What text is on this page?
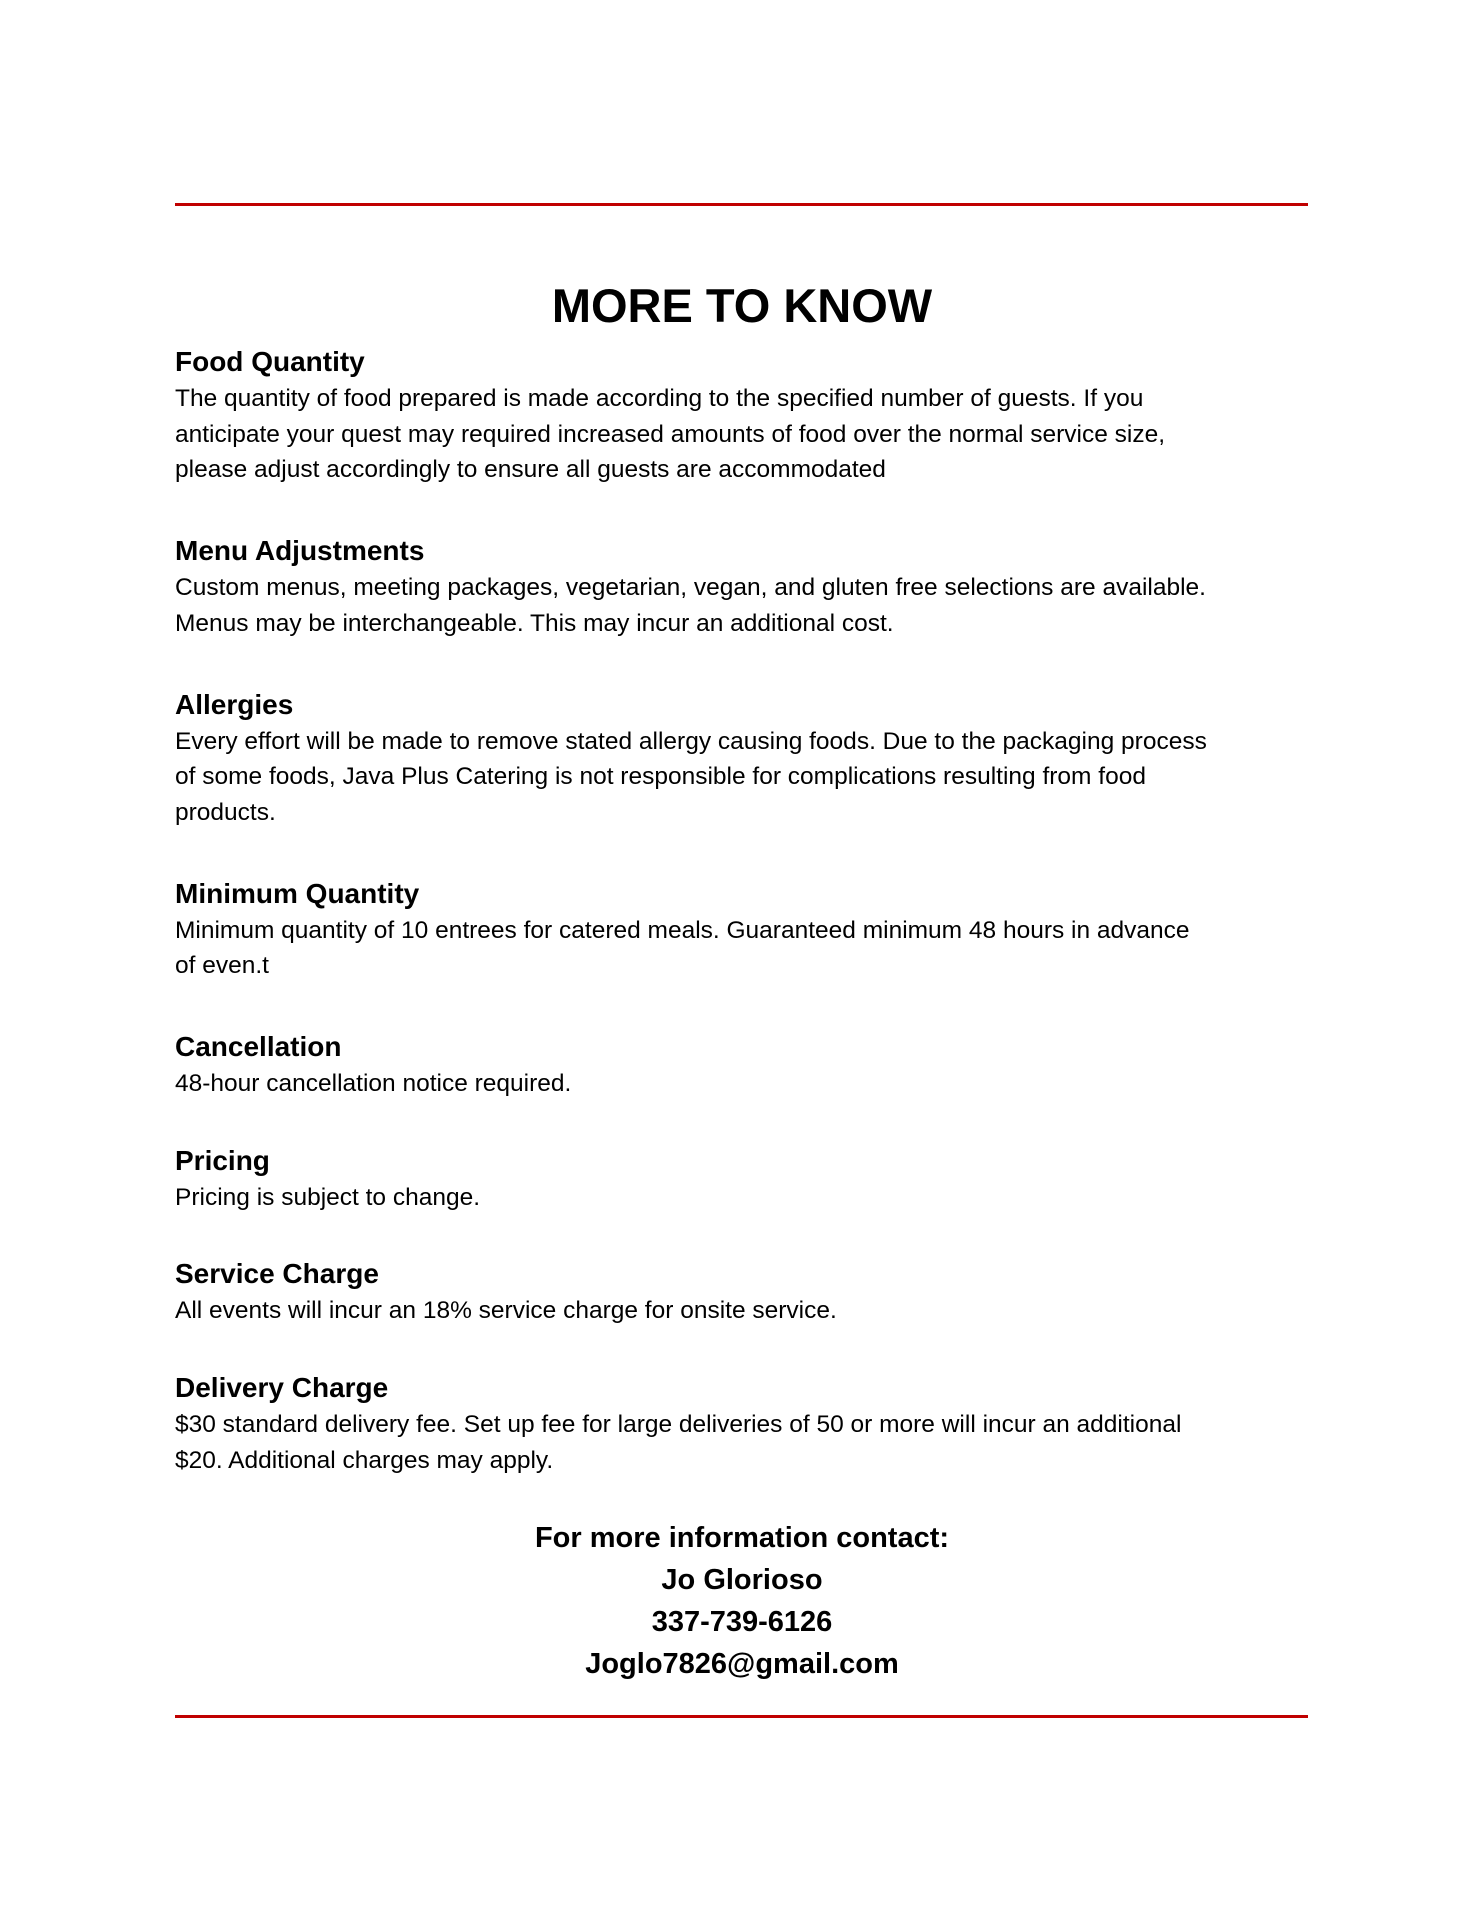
MORE TO KNOW

Food Quantity

The quantity of food prepared is made according to the specified number of guests. If you
anticipate your quest may required increased amounts of food over the normal service size,
please adjust accordingly to ensure all guests are accommodated

Menu Adjustments

Custom menus, meeting packages, vegetarian, vegan, and gluten free selections are available.
Menus may be interchangeable. This may incur an additional cost.

Allergies

Every effort will be made to remove stated allergy causing foods. Due to the packaging process
of some foods, Java Plus Catering is not responsible for complications resulting from food
products.

Minimum Quantity

Minimum quantity of 10 entrees for catered meals. Guaranteed minimum 48 hours in advance
of even.t

Cancellation

48-hour cancellation notice required.

Pricing

Pricing is subject to change.

Service Charge

All events will incur an 18% service charge for onsite service.

Delivery Charge

$30 standard delivery fee. Set up fee for large deliveries of 50 or more will incur an additional
$20. Additional charges may apply.

For more information contact:
Jo Glorioso
337-739-6126
Joglo7826@gmail.com
